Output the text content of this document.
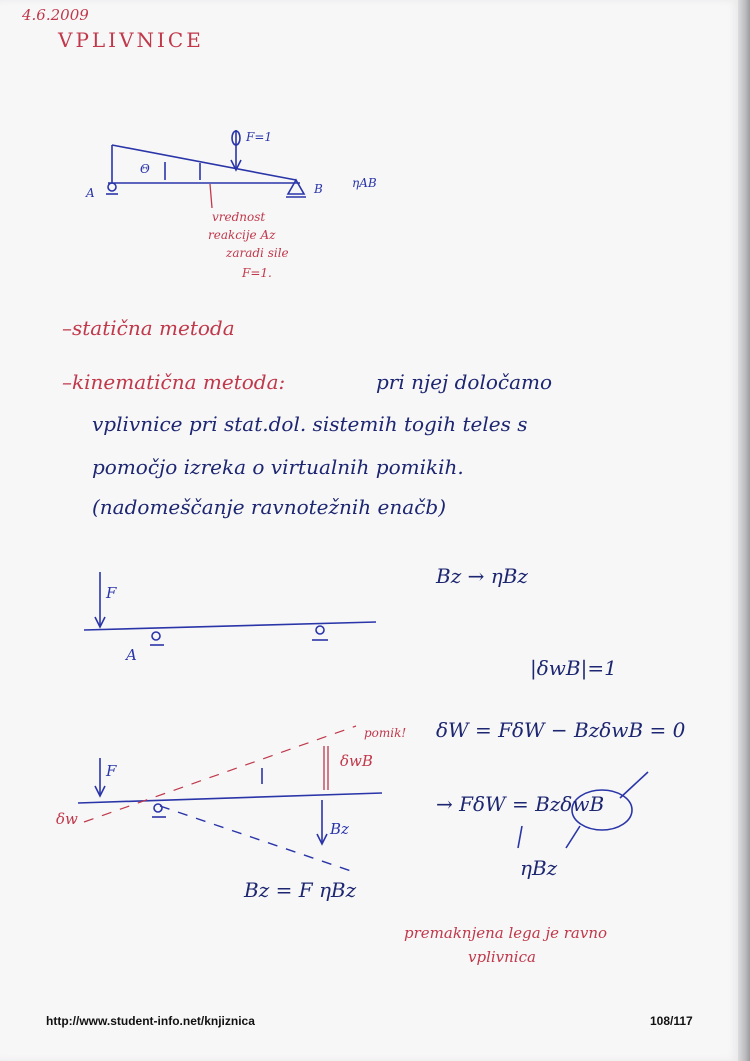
4.6.2009
VPLIVNICE
F=1
Θ
A	B ηAB
vrednost
reakcije Az
zaradi sile
F=1.
–statična metoda
–kinematična metoda:	pri njej določamo
vplivnice pri stat.dol. sistemih togih teles s
pomočjo izreka o virtualnih pomikih.
(nadomeščanje ravnotežnih enačb)
F
A
Bz → ηBz
|δwB|=1
δW = FδW − BzδwB = 0
→ FδW = BzδwB
ηBz
Bz = F ηBz
F
δw
δwB
pomik!
Bz
premaknjena lega je ravno
vplivnica
http://www.student-info.net/knjiznica	108/117
